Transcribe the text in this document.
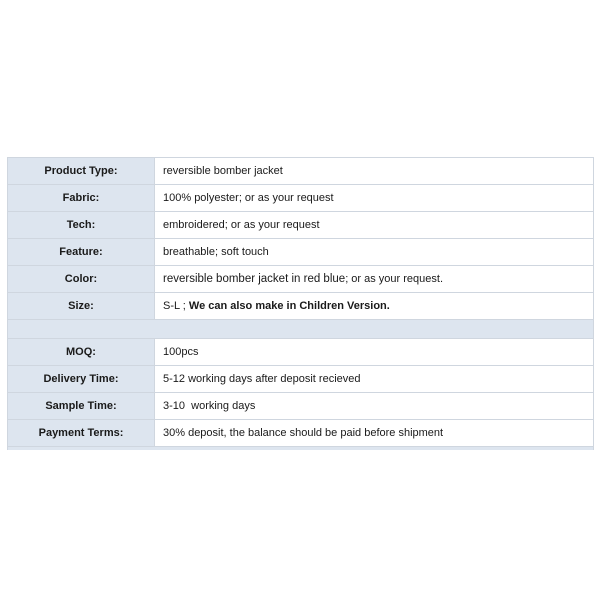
Product Type:	reversible bomber jacket
Fabric:	100% polyester; or as your request
Tech:	embroidered; or as your request
Feature:	breathable; soft touch
Color:	reversible bomber jacket in red blue; or as your request.
Size:	S-L ; We can also make in Children Version.

MOQ:	100pcs
Delivery Time:	5-12 working days after deposit recieved
Sample Time:	3-10  working days
Payment Terms:	30% deposit, the balance should be paid before shipment
